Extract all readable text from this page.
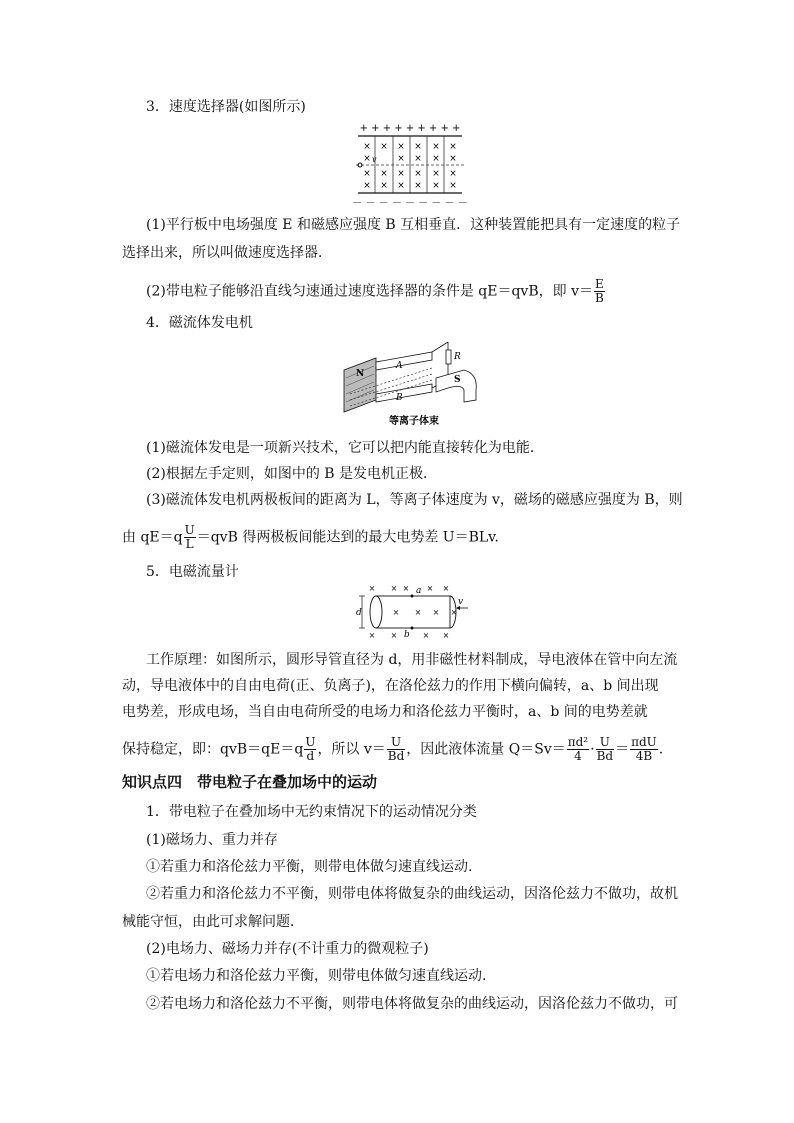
3．速度选择器(如图所示)
+ + + + + + + + +
v
× × × × × ×
×	× × × ×
× × × × × ×
× × × × × ×
－ － － － － － － － －
(1)平行板中电场强度 E 和磁感应强度 B 互相垂直．这种装置能把具有一定速度的粒子
选择出来，所以叫做速度选择器．
(2)带电粒子能够沿直线匀速通过速度选择器的条件是 qE＝qvB，即 $v= \frac{E}{B}$
4．磁流体发电机
N
A
B
R
S
等离子体束
(1)磁流体发电是一项新兴技术，它可以把内能直接转化为电能．
(2)根据左手定则，如图中的 B 是发电机正极．
(3)磁流体发电机两极板间的距离为 L，等离子体速度为 v，磁场的磁感应强度为 B，则
由 $qE=q \frac{U}{L} =qvB$ 得两极板间能达到的最大电势差 U＝BLv.
5．电磁流量计
d
a
b
v
× × × × ×
× × × ×
× ×	× ×
工作原理：如图所示，圆形导管直径为 d，用非磁性材料制成，导电液体在管中向左流
动，导电液体中的自由电荷(正、负离子)，在洛伦兹力的作用下横向偏转，a、b 间出现
电势差，形成电场，当自由电荷所受的电场力和洛伦兹力平衡时，a、b 间的电势差就
保持稳定，即：$qvB=qE=q \frac{U}{d}$ ，所以 $v= \frac{U}{Bd}$ ，因此液体流量 $Q=Sv= \frac{\text{πd²}}{4} \cdot \frac{U}{Bd} = \pi dU$
4B .
知识点四　带电粒子在叠加场中的运动
1．带电粒子在叠加场中无约束情况下的运动情况分类
(1)磁场力、重力并存
①若重力和洛伦兹力平衡，则带电体做匀速直线运动.
②若重力和洛伦兹力不平衡，则带电体将做复杂的曲线运动，因洛伦兹力不做功，故机
械能守恒，由此可求解问题．
(2)电场力、磁场力并存(不计重力的微观粒子)
①若电场力和洛伦兹力平衡，则带电体做匀速直线运动.
②若电场力和洛伦兹力不平衡，则带电体将做复杂的曲线运动，因洛伦兹力不做功，可
